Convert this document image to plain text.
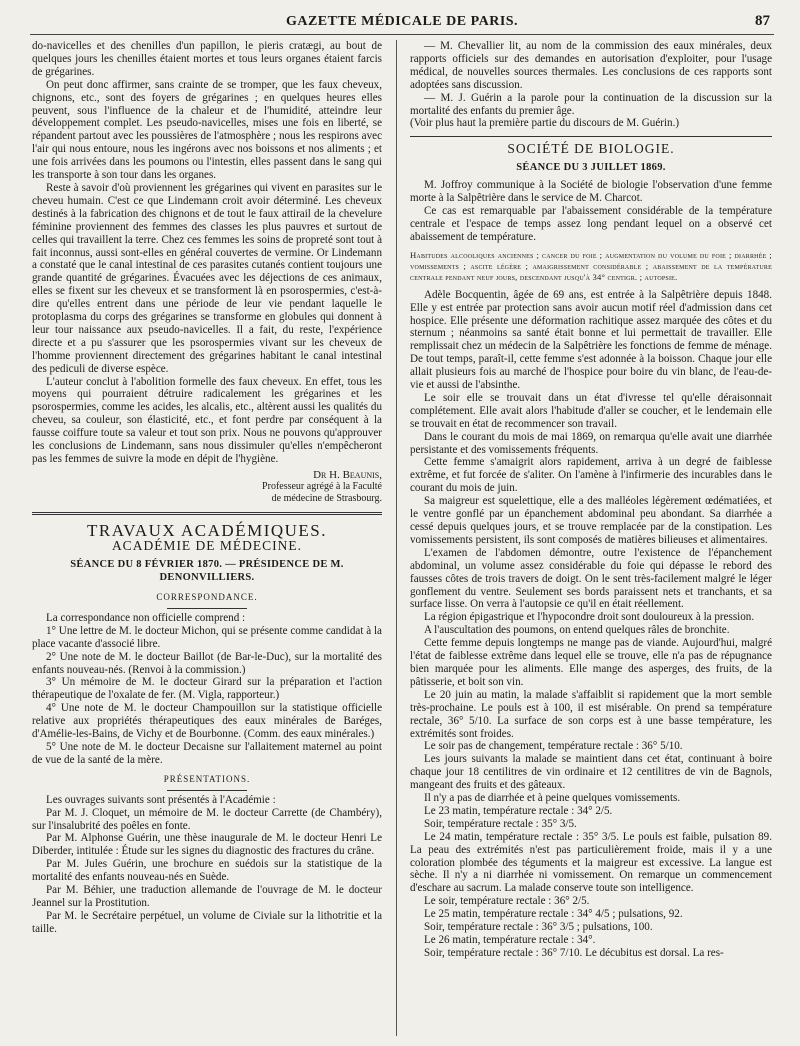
GAZETTE MÉDICALE DE PARIS.	87

do-navicelles et des chenilles d'un papillon, le pieris cratægi, au bout de quelques jours les chenilles étaient mortes et tous leurs organes étaient farcis de grégarines.

On peut donc affirmer, sans crainte de se tromper, que les faux cheveux, chignons, etc., sont des foyers de grégarines ; en quelques heures elles peuvent, sous l'influence de la chaleur et de l'humidité, atteindre leur développement complet. Les pseudo-navicelles, mises une fois en liberté, se répandent partout avec les poussières de l'atmosphère ; nous les respirons avec l'air qui nous entoure, nous les ingérons avec nos boissons et nos aliments ; et une fois arrivées dans les poumons ou l'intestin, elles passent dans le sang qui les transporte à son tour dans les organes.

Reste à savoir d'où proviennent les grégarines qui vivent en parasites sur le cheveu humain. C'est ce que Lindemann croit avoir déterminé. Les cheveux destinés à la fabrication des chignons et de tout le faux attirail de la chevelure féminine proviennent des femmes des classes les plus pauvres et surtout de celles qui travaillent la terre. Chez ces femmes les soins de propreté sont tout à fait inconnus, aussi sont-elles en général couvertes de vermine. Or Lindemann a constaté que le canal intestinal de ces parasites cutanés contient toujours une grande quantité de grégarines. Évacuées avec les déjections de ces animaux, elles se fixent sur les cheveux et se transforment là en psorospermies, c'est-à-dire qu'elles entrent dans une période de leur vie pendant laquelle le protoplasma du corps des grégarines se transforme en globules qui donnent à leur tour naissance aux pseudo-navicelles. Il a fait, du reste, l'expérience directe et a pu s'assurer que les psorospermies vivant sur les cheveux de l'homme proviennent directement des grégarines habitant le canal intestinal des pediculi de diverse espèce.

L'auteur conclut à l'abolition formelle des faux cheveux. En effet, tous les moyens qui pourraient détruire radicalement les grégarines et les psorospermies, comme les acides, les alcalis, etc., altèrent aussi les qualités du cheveu, sa couleur, son élasticité, etc., et font perdre par conséquent à la fausse coiffure toute sa valeur et tout son prix. Nous ne pouvons qu'approuver les conclusions de Lindemann, sans nous dissimuler qu'elles n'empêcheront pas les femmes de suivre la mode en dépit de l'hygiène.

Dr H. Beaunis,
Professeur agrégé à la Faculté
de médecine de Strasbourg.
TRAVAUX ACADÉMIQUES.
ACADÉMIE DE MÉDECINE.
SÉANCE DU 8 FÉVRIER 1870. — PRÉSIDENCE DE M. DENONVILLIERS.
CORRESPONDANCE.

La correspondance non officielle comprend :

1° Une lettre de M. le docteur Michon, qui se présente comme candidat à la place vacante d'associé libre.

2° Une note de M. le docteur Baillot (de Bar-le-Duc), sur la mortalité des enfants nouveau-nés. (Renvoi à la commission.)

3° Un mémoire de M. le docteur Girard sur la préparation et l'action thérapeutique de l'oxalate de fer. (M. Vigla, rapporteur.)

4° Une note de M. le docteur Champouillon sur la statistique officielle relative aux propriétés thérapeutiques des eaux minérales de Baréges, d'Amélie-les-Bains, de Vichy et de Bourbonne. (Comm. des eaux minérales.)

5° Une note de M. le docteur Decaisne sur l'allaitement maternel au point de vue de la santé de la mère.

PRÉSENTATIONS.

Les ouvrages suivants sont présentés à l'Académie :

Par M. J. Cloquet, un mémoire de M. le docteur Carrette (de Chambéry), sur l'insalubrité des poêles en fonte.

Par M. Alphonse Guérin, une thèse inaugurale de M. le docteur Henri Le Diberder, intitulée : Étude sur les signes du diagnostic des fractures du crâne.

Par M. Jules Guérin, une brochure en suédois sur la statistique de la mortalité des enfants nouveau-nés en Suède.

Par M. Béhier, une traduction allemande de l'ouvrage de M. le docteur Jeannel sur la Prostitution.

Par M. le Secrétaire perpétuel, un volume de Civiale sur la lithotritie et la taille.

— M. Chevallier lit, au nom de la commission des eaux minérales, deux rapports officiels sur des demandes en autorisation d'exploiter, pour l'usage médical, de nouvelles sources thermales. Les conclusions de ces rapports sont adoptées sans discussion.

— M. J. Guérin a la parole pour la continuation de la discussion sur la mortalité des enfants du premier âge.

(Voir plus haut la première partie du discours de M. Guérin.)

SOCIÉTÉ DE BIOLOGIE.
SÉANCE DU 3 JUILLET 1869.

M. Joffroy communique à la Société de biologie l'observation d'une femme morte à la Salpêtrière dans le service de M. Charcot.

Ce cas est remarquable par l'abaissement considérable de la température centrale et l'espace de temps assez long pendant lequel on a observé cet abaissement de température.

Habitudes alcooliques anciennes ; cancer du foie ; augmentation du volume du foie ; diarrhée ; vomissements ; ascite légère ; amaigrissement considérable ; abaissement de la température centrale pendant neuf jours, descendant jusqu'à 34° centigr. ; autopsie.

Adèle Bocquentin, âgée de 69 ans, est entrée à la Salpêtrière depuis 1848. Elle y est entrée par protection sans avoir aucun motif réel d'admission dans cet hospice. Elle présente une déformation rachitique assez marquée des côtes et du sternum ; néanmoins sa santé était bonne et lui permettait de travailler. Elle remplissait chez un médecin de la Salpêtrière les fonctions de femme de ménage. De tout temps, paraît-il, cette femme s'est adonnée à la boisson. Chaque jour elle allait plusieurs fois au marché de l'hospice pour boire du vin blanc, de l'eau-de-vie et aussi de l'absinthe.

Le soir elle se trouvait dans un état d'ivresse tel qu'elle déraisonnait complétement. Elle avait alors l'habitude d'aller se coucher, et le lendemain elle se trouvait en état de recommencer son travail.

Dans le courant du mois de mai 1869, on remarqua qu'elle avait une diarrhée persistante et des vomissements fréquents.

Cette femme s'amaigrit alors rapidement, arriva à un degré de faiblesse extrême, et fut forcée de s'aliter. On l'amène à l'infirmerie des incurables dans le courant du mois de juin.

Sa maigreur est squelettique, elle a des malléoles légèrement œdématiées, et le ventre gonflé par un épanchement abdominal peu abondant. Sa diarrhée a cessé depuis quelques jours, et se trouve remplacée par de la constipation. Les vomissements persistent, ils sont composés de matières bilieuses et alimentaires.

L'examen de l'abdomen démontre, outre l'existence de l'épanchement abdominal, un volume assez considérable du foie qui dépasse le rebord des fausses côtes de trois travers de doigt. On le sent très-facilement malgré le léger gonflement du ventre. Seulement ses bords paraissent nets et tranchants, et sa surface lisse. On verra à l'autopsie ce qu'il en était réellement.

La région épigastrique et l'hypocondre droit sont douloureux à la pression.

A l'auscultation des poumons, on entend quelques râles de bronchite.

Cette femme depuis longtemps ne mange pas de viande. Aujourd'hui, malgré l'état de faiblesse extrême dans lequel elle se trouve, elle n'a pas de répugnance bien marquée pour les aliments. Elle mange des asperges, des fruits, de la pâtisserie, et boit son vin.

Le 20 juin au matin, la malade s'affaiblit si rapidement que la mort semble très-prochaine. Le pouls est à 100, il est misérable. On prend sa température rectale, 36° 5/10. La surface de son corps est à une basse température, les extrémités sont froides.

Le soir pas de changement, température rectale : 36° 5/10.

Les jours suivants la malade se maintient dans cet état, continuant à boire chaque jour 18 centilitres de vin ordinaire et 12 centilitres de vin de Bagnols, mangeant des fruits et des gâteaux.

Il n'y a pas de diarrhée et à peine quelques vomissements.

Le 23 matin, température rectale : 34° 2/5.

Soir, température rectale : 35° 3/5.

Le 24 matin, température rectale : 35° 3/5. Le pouls est faible, pulsation 89. La peau des extrémités n'est pas particulièrement froide, mais il y a une coloration plombée des téguments et la maigreur est excessive. La langue est sèche. Il n'y a ni diarrhée ni vomissement. On remarque un commencement d'eschare au sacrum. La malade conserve toute son intelligence.

Le soir, température rectale : 36° 2/5.

Le 25 matin, température rectale : 34° 4/5 ; pulsations, 92.

Soir, température rectale : 36° 3/5 ; pulsations, 100.

Le 26 matin, température rectale : 34°.

Soir, température rectale : 36° 7/10. Le décubitus est dorsal. La res-
